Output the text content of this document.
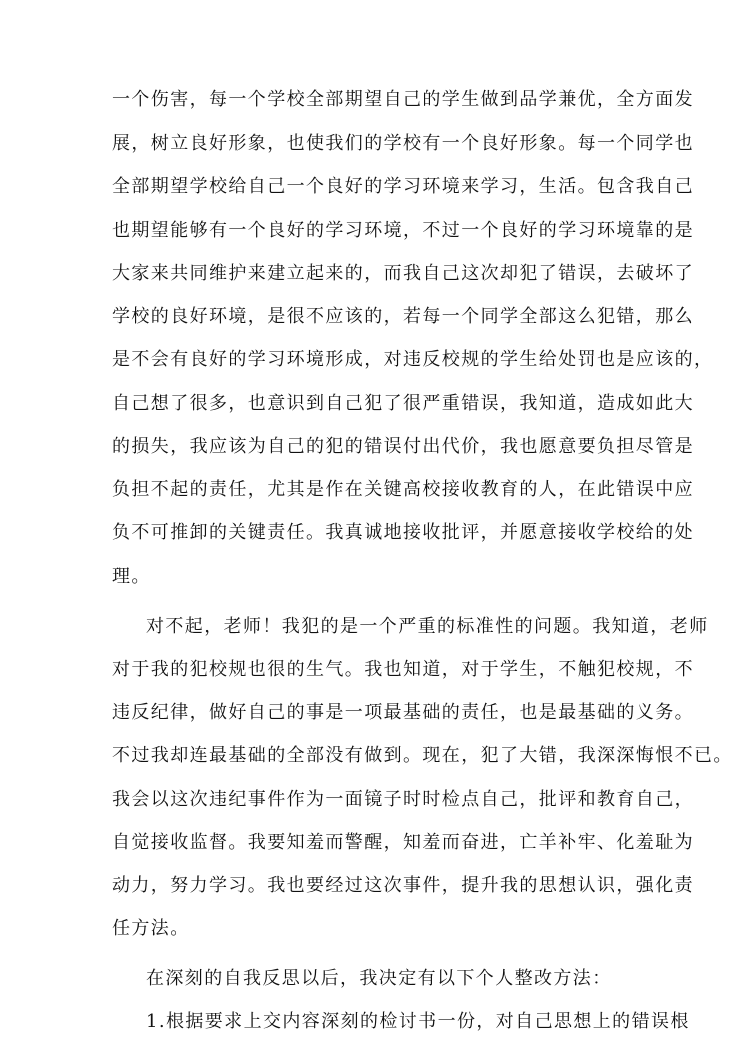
一个伤害，每一个学校全部期望自己的学生做到品学兼优，全方面发
展，树立良好形象，也使我们的学校有一个良好形象。每一个同学也
全部期望学校给自己一个良好的学习环境来学习，生活。包含我自己
也期望能够有一个良好的学习环境，不过一个良好的学习环境靠的是
大家来共同维护来建立起来的，而我自己这次却犯了错误，去破坏了
学校的良好环境，是很不应该的，若每一个同学全部这么犯错，那么
是不会有良好的学习环境形成，对违反校规的学生给处罚也是应该的，
自己想了很多，也意识到自己犯了很严重错误，我知道，造成如此大
的损失，我应该为自己的犯的错误付出代价，我也愿意要负担尽管是
负担不起的责任，尤其是作在关键高校接收教育的人，在此错误中应
负不可推卸的关键责任。我真诚地接收批评，并愿意接收学校给的处
理。
对不起，老师！我犯的是一个严重的标准性的问题。我知道，老师
对于我的犯校规也很的生气。我也知道，对于学生，不触犯校规，不
违反纪律，做好自己的事是一项最基础的责任，也是最基础的义务。
不过我却连最基础的全部没有做到。现在，犯了大错，我深深悔恨不已。
我会以这次违纪事件作为一面镜子时时检点自己，批评和教育自己，
自觉接收监督。我要知羞而警醒，知羞而奋进，亡羊补牢、化羞耻为
动力，努力学习。我也要经过这次事件，提升我的思想认识，强化责
任方法。
在深刻的自我反思以后，我决定有以下个人整改方法：
1.根据要求上交内容深刻的检讨书一份，对自己思想上的错误根
